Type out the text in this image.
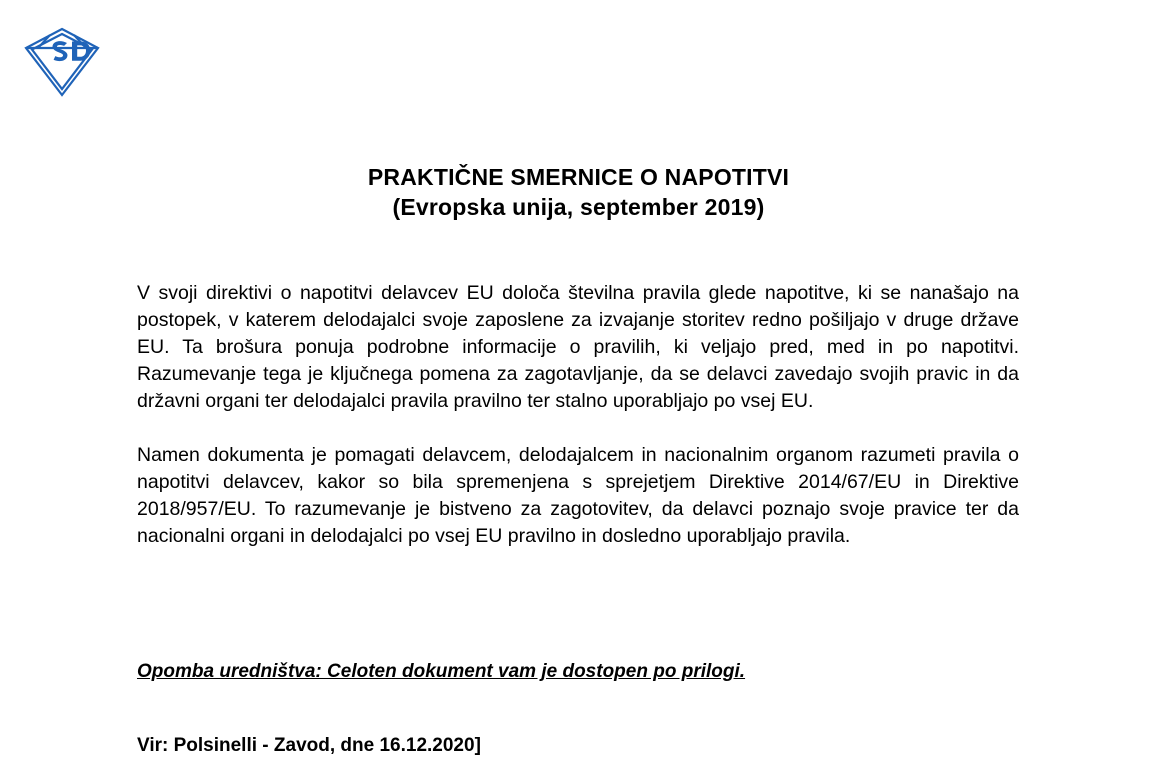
PRAKTIČNE SMERNICE O NAPOTITVI
(Evropska unija, september 2019)

V svoji direktivi o napotitvi delavcev EU določa številna pravila glede napotitve, ki se nanašajo na postopek, v katerem delodajalci svoje zaposlene za izvajanje storitev redno pošiljajo v druge države EU. Ta brošura ponuja podrobne informacije o pravilih, ki veljajo pred, med in po napotitvi. Razumevanje tega je ključnega pomena za zagotavljanje, da se delavci zavedajo svojih pravic in da državni organi ter delodajalci pravila pravilno ter stalno uporabljajo po vsej EU.

Namen dokumenta je pomagati delavcem, delodajalcem in nacionalnim organom razumeti pravila o napotitvi delavcev, kakor so bila spremenjena s sprejetjem Direktive 2014/67/EU in Direktive 2018/957/EU. To razumevanje je bistveno za zagotovitev, da delavci poznajo svoje pravice ter da nacionalni organi in delodajalci po vsej EU pravilno in dosledno uporabljajo pravila.

Opomba uredništva: Celoten dokument vam je dostopen po prilogi.
Vir: Polsinelli - Zavod, dne 16.12.2020]
